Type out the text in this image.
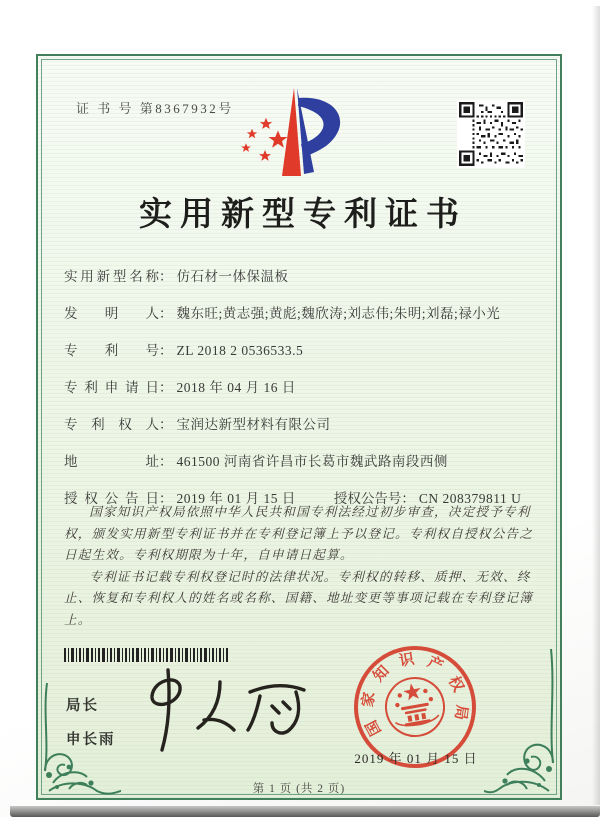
证 书 号 第8367932号
实用新型专利证书
实用新型名称： 仿石材一体保温板
发明人： 魏东旺;黄志强;黄彪;魏欣涛;刘志伟;朱明;刘磊;禄小光
专利号： ZL 2018 2 0536533.5
专利申请日： 2018 年 04 月 16 日
专利权人： 宝润达新型材料有限公司
地址： 461500 河南省许昌市长葛市魏武路南段西侧
授权公告日： 2019 年 01 月 15 日	授权公告号： CN 208379811 U

国家知识产权局依照中华人民共和国专利法经过初步审查，决定授予专利权，颁发实用新型专利证书并在专利登记簿上予以登记。专利权自授权公告之日起生效。专利权期限为十年，自申请日起算。

专利证书记载专利权登记时的法律状况。专利权的转移、质押、无效、终止、恢复和专利权人的姓名或名称、国籍、地址变更等事项记载在专利登记簿上。

局长
申长雨
国
家
知
识 产
权
局
2019 年 01 月 15 日
第 1 页 (共 2 页)
